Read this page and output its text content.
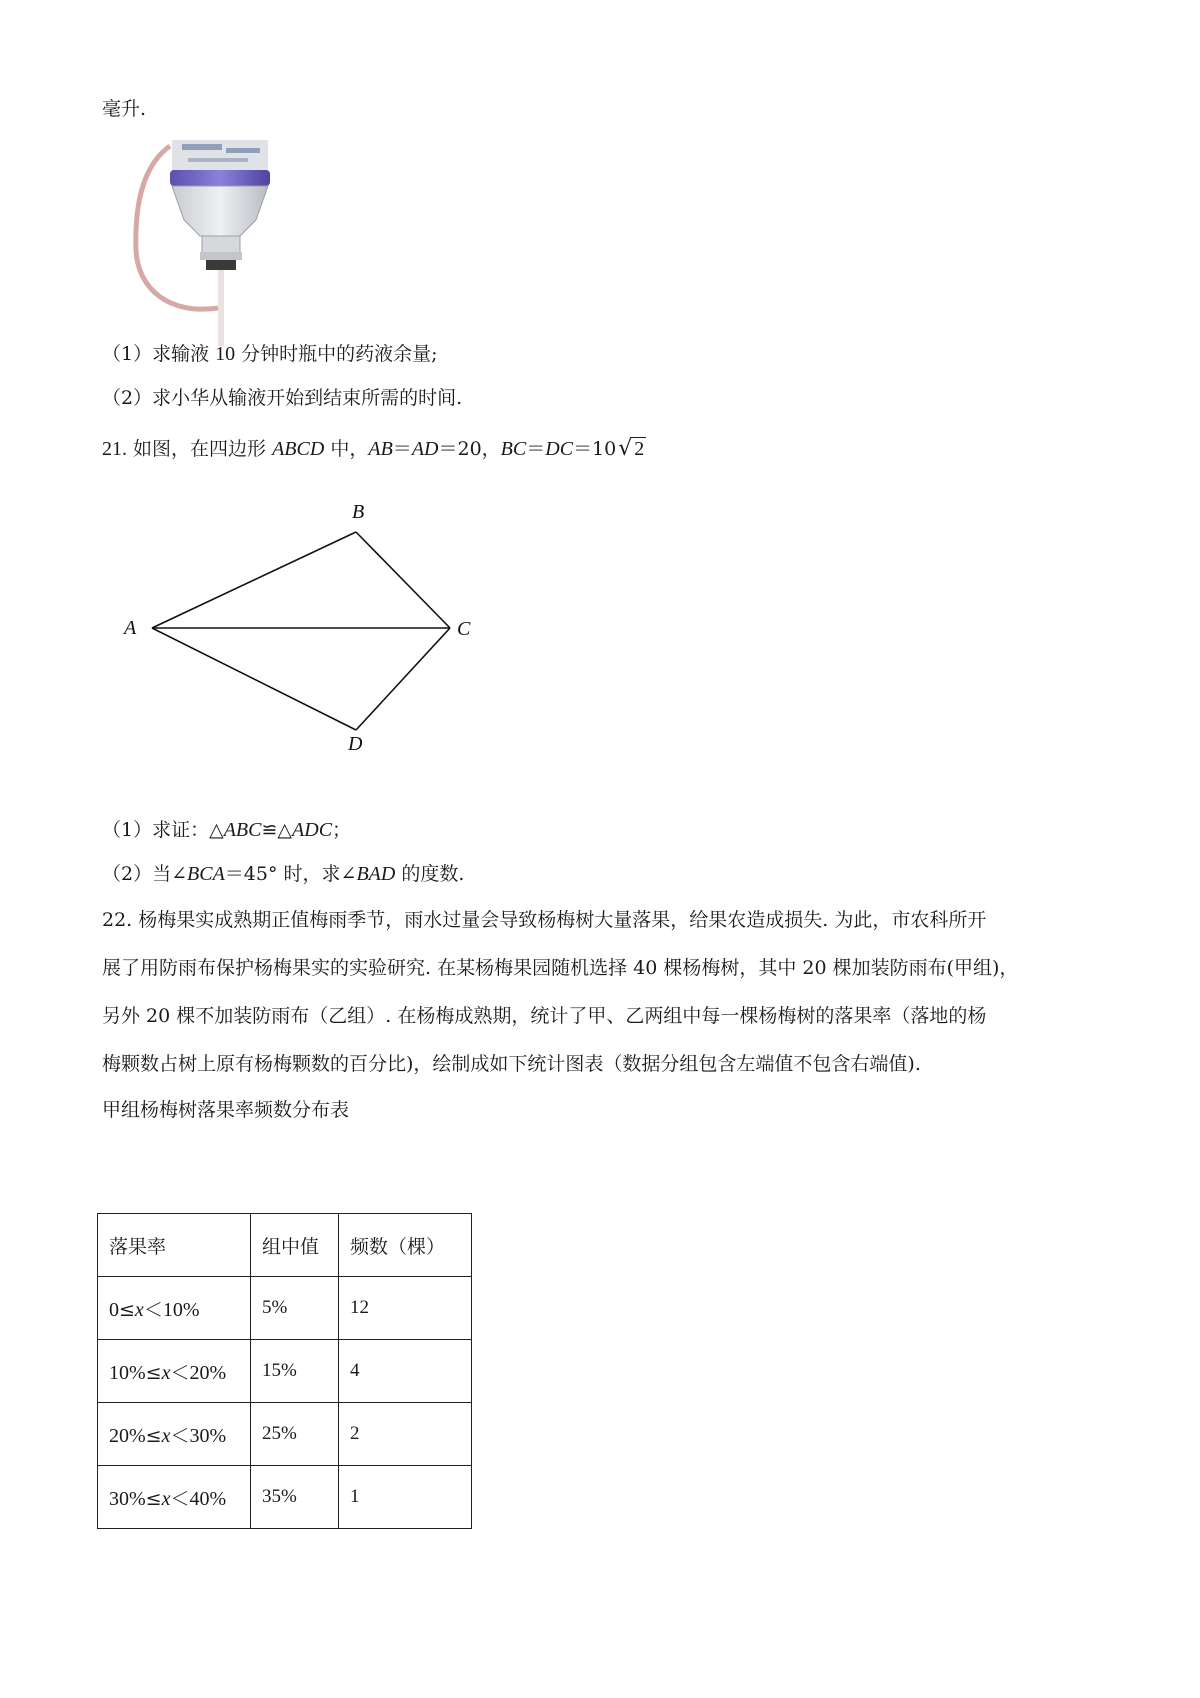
毫升.
（1）求输液 10 分钟时瓶中的药液余量;
（2）求小华从输液开始到结束所需的时间.
21. 如图，在四边形 ABCD 中，AB＝AD＝20，BC＝DC＝10√ 2
A
B
C
D
（1）求证：△ABC≌△ADC；
（2）当∠BCA＝45° 时，求∠BAD 的度数.
22. 杨梅果实成熟期正值梅雨季节，雨水过量会导致杨梅树大量落果，给果农造成损失. 为此，市农科所开
展了用防雨布保护杨梅果实的实验研究. 在某杨梅果园随机选择 40 棵杨梅树，其中 20 棵加装防雨布(甲组)，
另外 20 棵不加装防雨布（乙组）. 在杨梅成熟期，统计了甲、乙两组中每一棵杨梅树的落果率（落地的杨
梅颗数占树上原有杨梅颗数的百分比)，绘制成如下统计图表（数据分组包含左端值不包含右端值).
甲组杨梅树落果率频数分布表
落果率	组中值	频数（棵）
0≤x＜10%	5%	12
10%≤x＜20%	15%	4
20%≤x＜30%	25%	2
30%≤x＜40%	35%	1
